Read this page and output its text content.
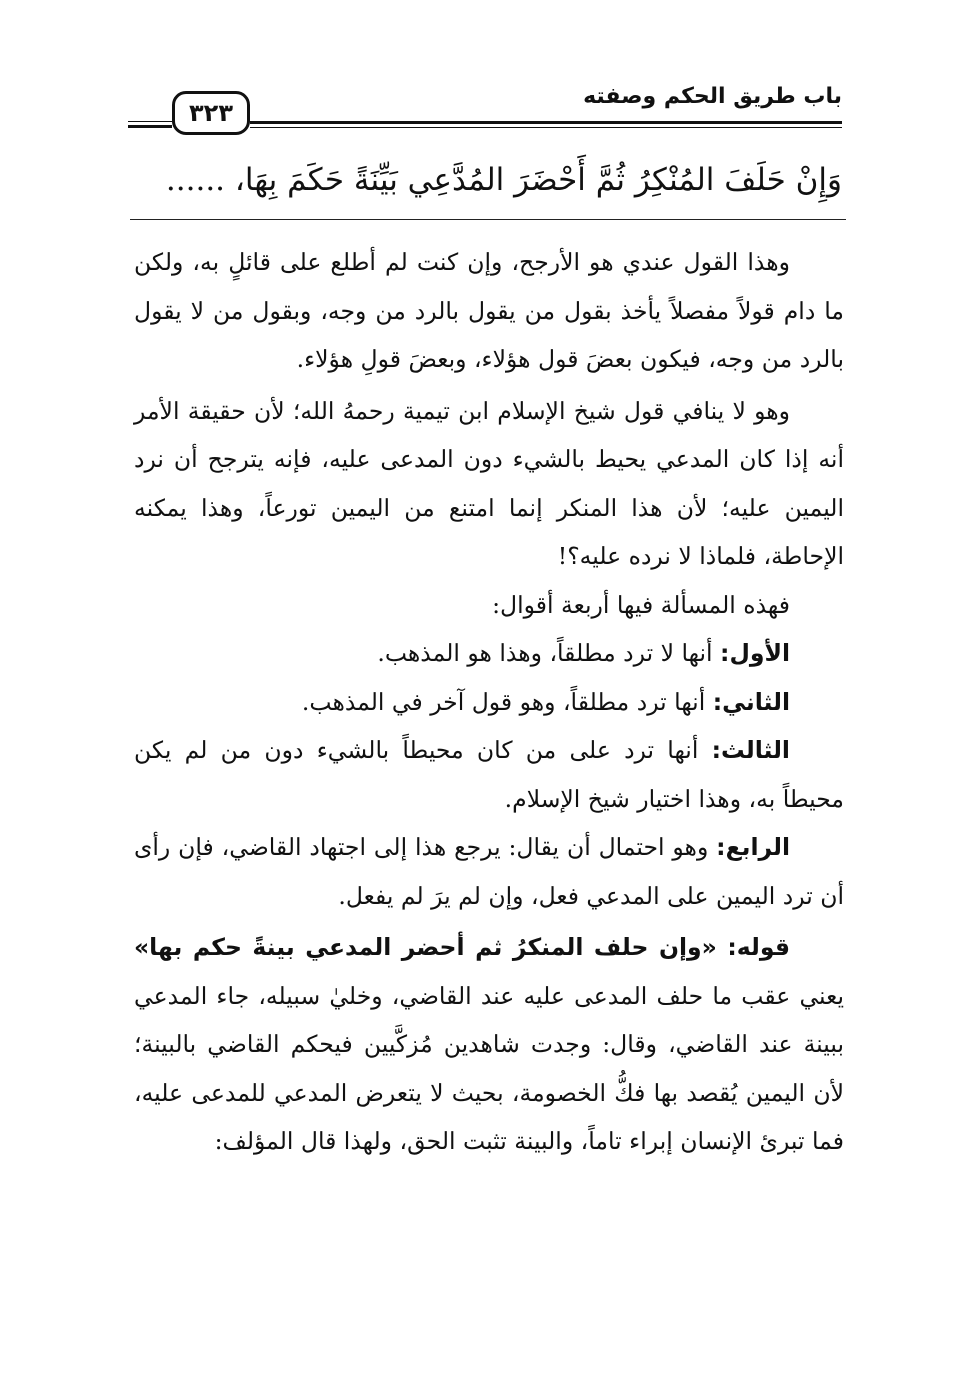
باب طريق الحكم وصفته
٣٢٣
وَإِنْ حَلَفَ المُنْكِرُ ثُمَّ أَحْضَرَ المُدَّعِي بَيِّنَةً حَكَمَ بِهَا، ......

وهذا القول عندي هو الأرجح، وإن كنت لم أطلع على قائلٍ به، ولكن ما دام قولاً مفصلاً يأخذ بقول من يقول بالرد من وجه، وبقول من لا يقول بالرد من وجه، فيكون بعضَ قول هؤلاء، وبعضَ قولِ هؤلاء.

وهو لا ينافي قول شيخ الإسلام ابن تيمية رحمهُ الله؛ لأن حقيقة الأمر أنه إذا كان المدعي يحيط بالشيء دون المدعى عليه، فإنه يترجح أن نرد اليمين عليه؛ لأن هذا المنكر إنما امتنع من اليمين تورعاً، وهذا يمكنه الإحاطة، فلماذا لا نرده عليه؟!

فهذه المسألة فيها أربعة أقوال:

الأول: أنها لا ترد مطلقاً، وهذا هو المذهب.

الثاني: أنها ترد مطلقاً، وهو قول آخر في المذهب.

الثالث: أنها ترد على من كان محيطاً بالشيء دون من لم يكن محيطاً به، وهذا اختيار شيخ الإسلام.

الرابع: وهو احتمال أن يقال: يرجع هذا إلى اجتهاد القاضي، فإن رأى أن ترد اليمين على المدعي فعل، وإن لم يرَ لم يفعل.

قوله: «وإن حلف المنكرُ ثم أحضر المدعي بينةً حكم بها» يعني عقب ما حلف المدعى عليه عند القاضي، وخليٰ سبيله، جاء المدعي ببينة عند القاضي، وقال: وجدت شاهدين مُزكَّيين فيحكم القاضي بالبينة؛ لأن اليمين يُقصد بها فكُّ الخصومة، بحيث لا يتعرض المدعي للمدعى عليه، فما تبرئ الإنسان إبراء تاماً، والبينة تثبت الحق، ولهذا قال المؤلف:
